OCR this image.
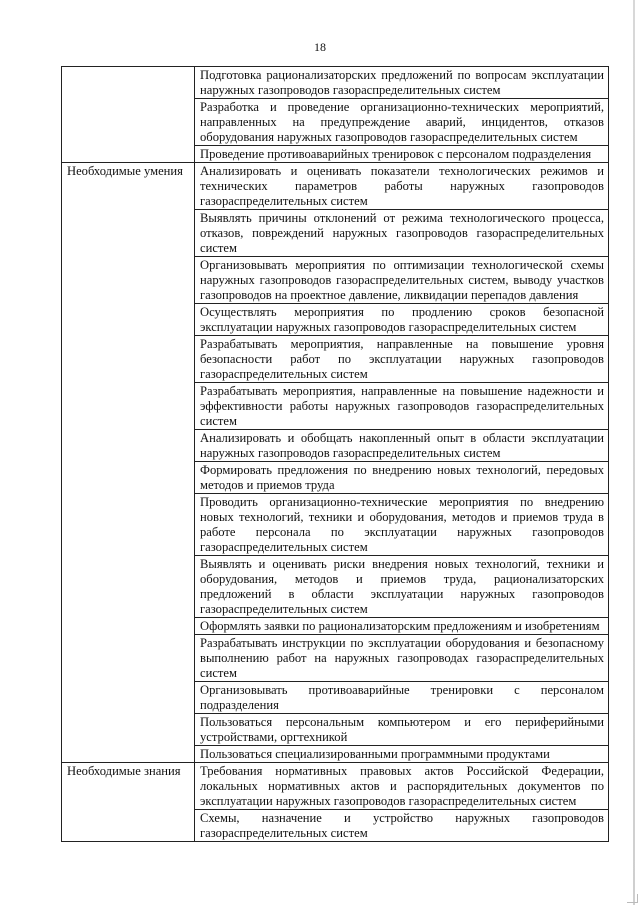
18
	Подготовка рационализаторских предложений по вопросам эксплуатации наружных газопроводов газораспределительных систем
	Разработка и проведение организационно-технических мероприятий, направленных на предупреждение аварий, инцидентов, отказов оборудования наружных газопроводов газораспределительных систем
	Проведение противоаварийных тренировок с персоналом подразделения
Необходимые умения	Анализировать и оценивать показатели технологических режимов и технических параметров работы наружных газопроводов газораспределительных систем
	Выявлять причины отклонений от режима технологического процесса, отказов, повреждений наружных газопроводов газораспределительных систем
	Организовывать мероприятия по оптимизации технологической схемы наружных газопроводов газораспределительных систем, выводу участков газопроводов на проектное давление, ликвидации перепадов давления
	Осуществлять мероприятия по продлению сроков безопасной эксплуатации наружных газопроводов газораспределительных систем
	Разрабатывать мероприятия, направленные на повышение уровня безопасности работ по эксплуатации наружных газопроводов газораспределительных систем
	Разрабатывать мероприятия, направленные на повышение надежности и эффективности работы наружных газопроводов газораспределительных систем
	Анализировать и обобщать накопленный опыт в области эксплуатации наружных газопроводов газораспределительных систем
	Формировать предложения по внедрению новых технологий, передовых методов и приемов труда
	Проводить организационно-технические мероприятия по внедрению новых технологий, техники и оборудования, методов и приемов труда в работе персонала по эксплуатации наружных газопроводов газораспределительных систем
	Выявлять и оценивать риски внедрения новых технологий, техники и оборудования, методов и приемов труда, рационализаторских предложений в области эксплуатации наружных газопроводов газораспределительных систем
	Оформлять заявки по рационализаторским предложениям и изобретениям
	Разрабатывать инструкции по эксплуатации оборудования и безопасному выполнению работ на наружных газопроводах газораспределительных систем
	Организовывать противоаварийные тренировки с персоналом подразделения
	Пользоваться персональным компьютером и его периферийными устройствами, оргтехникой
	Пользоваться специализированными программными продуктами
Необходимые знания	Требования нормативных правовых актов Российской Федерации, локальных нормативных актов и распорядительных документов по эксплуатации наружных газопроводов газораспределительных систем
	Схемы, назначение и устройство наружных газопроводов газораспределительных систем
